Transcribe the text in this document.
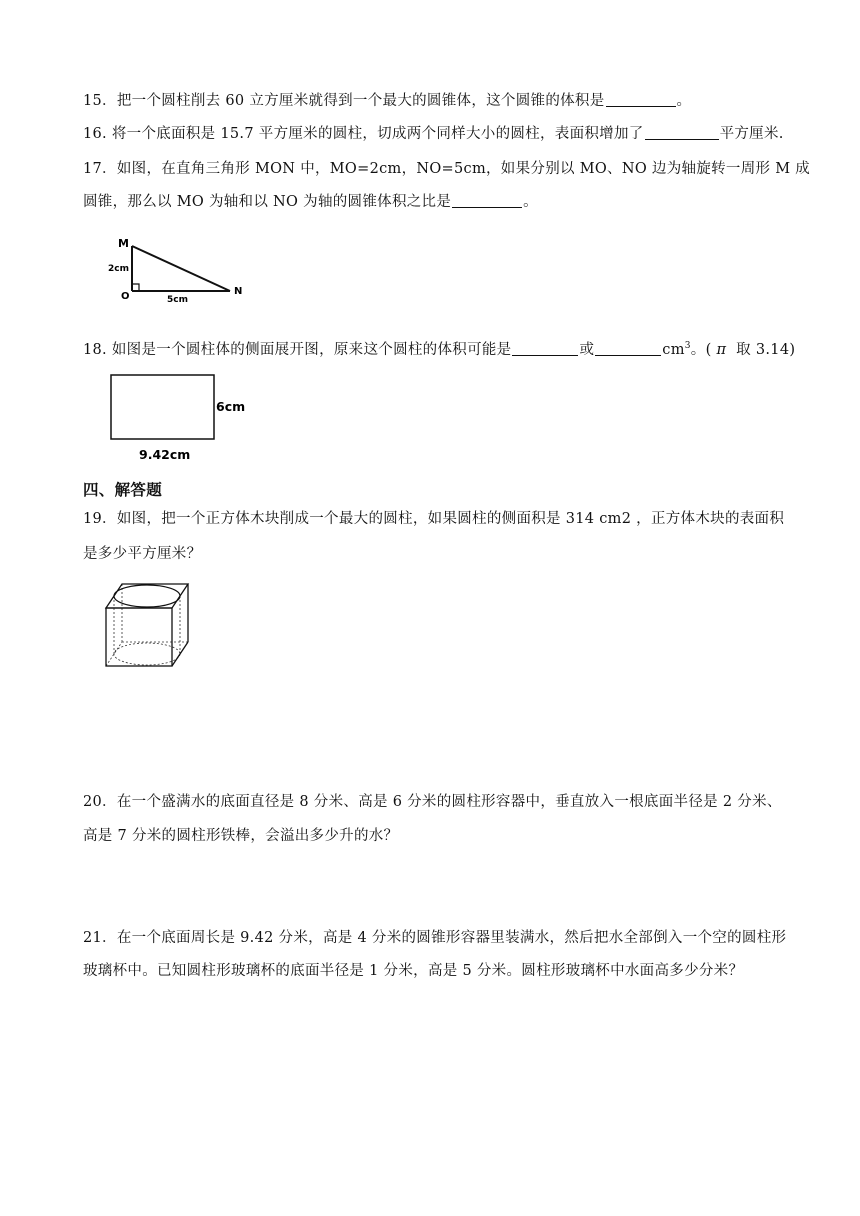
15．把一个圆柱削去 60 立方厘米就得到一个最大的圆锥体，这个圆锥的体积是	。
16. 将一个底面积是 15.7 平方厘米的圆柱，切成两个同样大小的圆柱，表面积增加了	平方厘米.
17．如图，在直角三角形 MON 中，MO=2cm，NO=5cm，如果分别以 MO、NO 边为轴旋转一周形 M 成
圆锥，那么以 MO 为轴和以 NO 为轴的圆锥体积之比是	。
M
2cm
O	5cm
N
18. 如图是一个圆柱体的侧面展开图，原来这个圆柱的体积可能是	或	$cm^3$。( π 取 3.14)
6cm
9.42cm
四、解答题
19．如图，把一个正方体木块削成一个最大的圆柱，如果圆柱的侧面积是 314 cm2 ，正方体木块的表面积
是多少平方厘米？
20．在一个盛满水的底面直径是 8 分米、高是 6 分米的圆柱形容器中，垂直放入一根底面半径是 2 分米、
高是 7 分米的圆柱形铁棒，会溢出多少升的水？
21．在一个底面周长是 9.42 分米，高是 4 分米的圆锥形容器里装满水，然后把水全部倒入一个空的圆柱形
玻璃杯中。已知圆柱形玻璃杯的底面半径是 1 分米，高是 5 分米。圆柱形玻璃杯中水面高多少分米？
